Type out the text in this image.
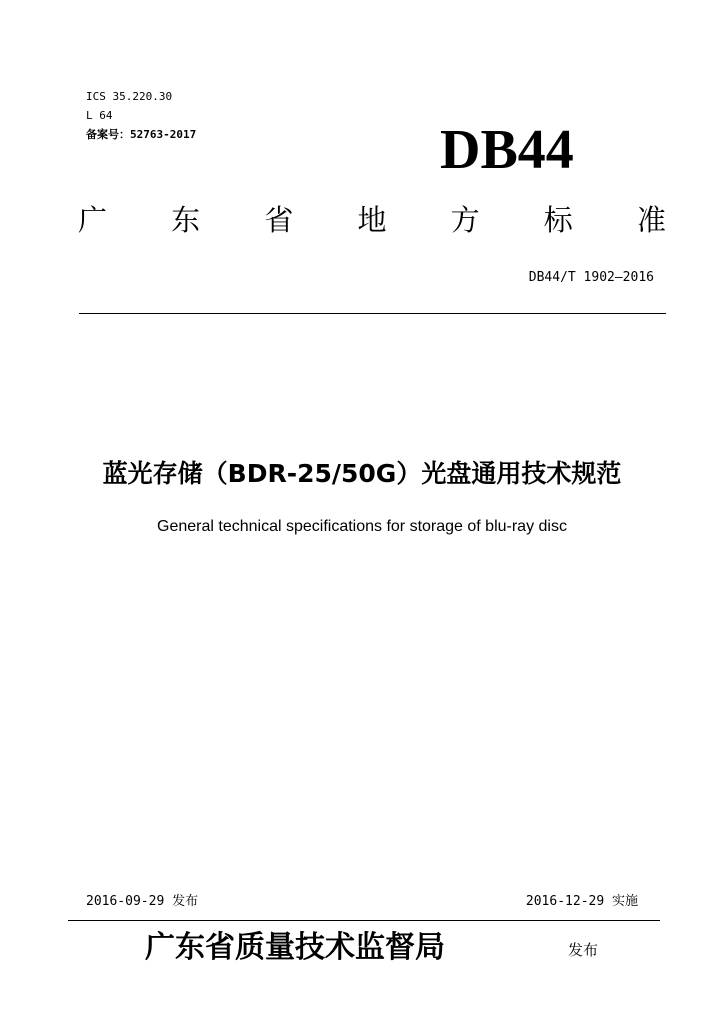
ICS 35.220.30
L 64
备案号：52763-2017	DB44
广 东 省 地 方 标 准
DB44/T 1902—2016
蓝光存储（BDR-25/50G）光盘通用技术规范
General technical specifications for storage of blu-ray disc
2016-09-29 发布	2016-12-29 实施
广东省质量技术监督局	发布
